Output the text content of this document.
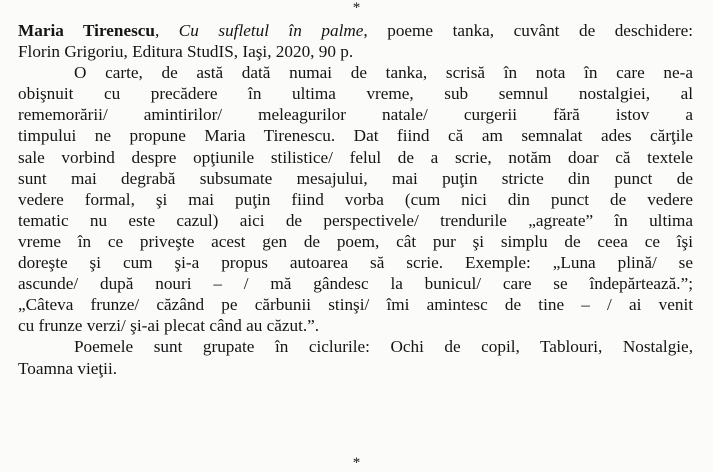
*
Maria Tirenescu, Cu sufletul în palme, poeme tanka, cuvânt de deschidere:
Florin Grigoriu, Editura StudIS, Iaşi, 2020, 90 p.
O carte, de astă dată numai de tanka, scrisă în nota în care ne-a
obişnuit cu precădere în ultima vreme, sub semnul nostalgiei, al
rememorării/ amintirilor/ meleagurilor natale/ curgerii fără istov a
timpului ne propune Maria Tirenescu. Dat fiind că am semnalat ades cărţile
sale vorbind despre opţiunile stilistice/ felul de a scrie, notăm doar că textele
sunt mai degrabă subsumate mesajului, mai puţin stricte din punct de
vedere formal, şi mai puţin fiind vorba (cum nici din punct de vedere
tematic nu este cazul) aici de perspectivele/ trendurile „agreate” în ultima
vreme în ce priveşte acest gen de poem, cât pur şi simplu de ceea ce îşi
doreşte şi cum şi-a propus autoarea să scrie. Exemple: „Luna plină/ se
ascunde/ după nouri – / mă gândesc la bunicul/ care se îndepărtează.”;
„Câteva frunze/ căzând pe cărbunii stinşi/ îmi amintesc de tine – / ai venit
cu frunze verzi/ şi-ai plecat când au căzut.”.
Poemele sunt grupate în ciclurile: Ochi de copil, Tablouri, Nostalgie,
Toamna vieţii.
*
